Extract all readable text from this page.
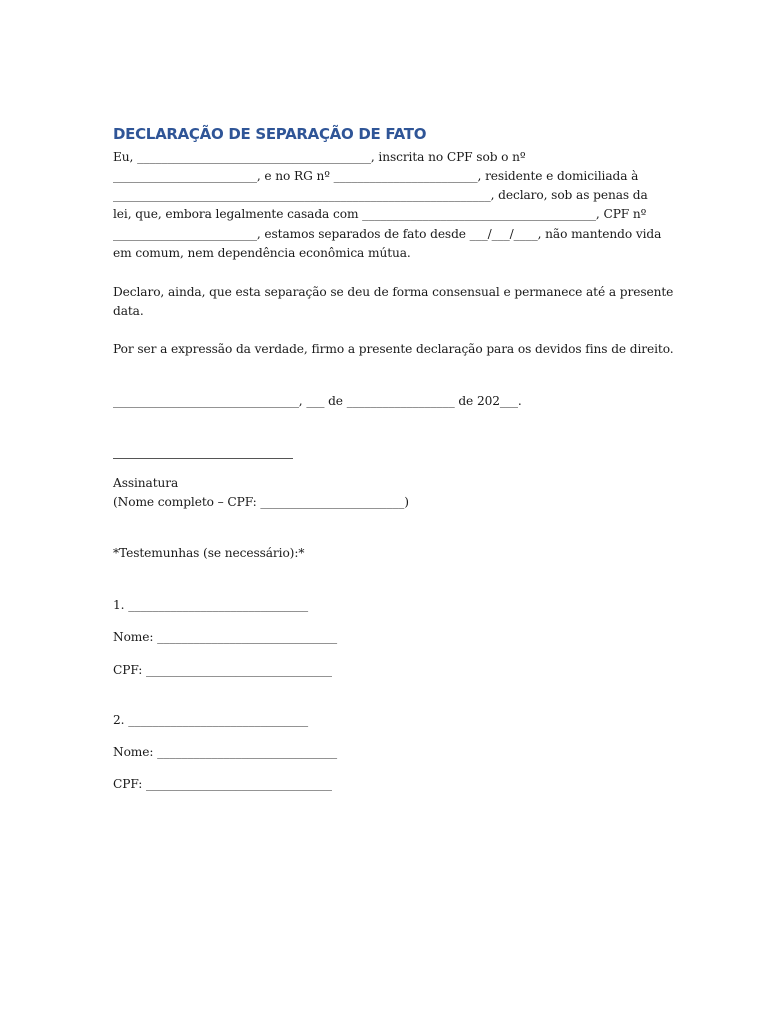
DECLARAÇÃO DE SEPARAÇÃO DE FATO
Eu, _______________________________________, inscrita no CPF sob o nº
________________________, e no RG nº ________________________, residente e domiciliada à
_______________________________________________________________, declaro, sob as penas da
lei, que, embora legalmente casada com _______________________________________, CPF nº
________________________, estamos separados de fato desde ___/___/____, não mantendo vida
em comum, nem dependência econômica mútua.
Declaro, ainda, que esta separação se deu de forma consensual e permanece até a presente
data.
Por ser a expressão da verdade, firmo a presente declaração para os devidos fins de direito.
_______________________________, ___ de __________________ de 202___.
Assinatura
(Nome completo – CPF: ________________________)
*Testemunhas (se necessário):*
1. ______________________________
Nome: ______________________________
CPF: _______________________________
2. ______________________________
Nome: ______________________________
CPF: _______________________________
